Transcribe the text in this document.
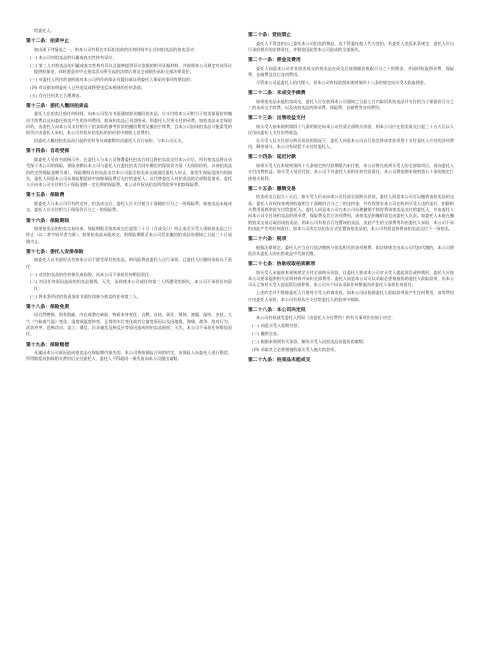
给委托人。
第十二条：拍卖中止
如出现下列情况之一，则本公司有权在实际拍卖前的任何时间中止任何拍卖品的拍卖活动：
(一) 本公司对拍卖品的归属或真实性持有异议；
(二) 第三人对拍卖品的归属或真实性持有异议且能够提供异议依据的相关证据材料，并按照本公司规定对该异议提供担保金，同时愿意对中止拍卖活动所引起的法律后果及全部损失承担全部法律责任；
(三) 对委托人所作的说明或对本公司所作的保证有疑问或证明委托人保证的事项有错误的；
(四) 有证据表明委托人已经违反或将要违反本规则的任何条款；
(五) 存在任何其它合理理由。
第十三条：委托人撤回拍卖品
委托人在拍卖日前任何时间，向本公司发出书面通知要求撤回拍卖品，应支付给本公司相当于拍卖保留价的撤回手续费以及因委托拍卖产生的各项费用，如该拍卖品已刊登图录，则委托人另须支付图录费。如拍卖品未定保留价的，由委托人向本公司支付相当于拍卖标的参考价款的撤回费用及撤回手续费，且本公司因该拍卖品可能蒙受的损失应由委托人承担，本公司有权从拍卖标的的价款中扣除上述费用。
因委托人撤回拍卖品而引起的任何争议或索赔均由委托人自行承担，与本公司无关。
第十四条：自动受保
除委托人另有书面指示外，在委托人与本公司签署委托拍卖合同且将拍卖品交付本公司后，所有拍卖品将自动受保于本公司的保险，保险金额以本公司与委托人在委托拍卖合同中确定的保留价为准（无保留价的，以该拍卖品的约定的保险金额为准）。保险期间自拍卖品交付本公司起至拍卖成交或退回委托人时止。如发生保险范围内的损失，委托人同意本公司从保险赔偿款中扣除保险费后交付给委托人，以代替委托人对拍卖品的全部赔偿请求。委托人应向本公司支付相当于保险金额一定比例的保险费，本公司有权从拍卖所得款项中扣除保险费。
第十五条：保险费
除委托人与本公司另有约定外，拍卖成交后，委托人应支付相当于落槌价百分之一的保险费。如拍卖品未能成交，委托人应支付相当于保留价百分之一的保险费。
第十六条：保险期间
如果拍卖品的拍卖交易结束，保险期限至拍卖成交后起第三十日（含成交日）终止或至买受人领取拍卖品之日终止（以二者中较早者为准）。如果拍卖品未能成交，则保险期限至本公司发出撤回拍卖品的通知之日起三十日届满为止。
第十七条：委托人安排保险
如委托人以书面形式告知本公司不愿受保其拍卖品，则风险将由委托人自行承担，且委托人应随时承担以下责任：
(一) 对其拍卖品的任何损失或损毁，而本公司不承担任何赔偿责任；
(二) 对因任何原因造成的拍卖品损毁、灭失，而致使本公司或任何第三人所遭受的损失，本公司不承担任何责任；
(三) 将本条所述的免责条款书面告知参与拍卖的任何第三人。
第十八条：保险免责
因自然磨损、固有瑕疵、内在或潜在缺陷、物质本身变化、自燃、自热、氧化、锈蚀、渗漏、鼠咬、虫蛀、大气（气候或气温）变化、湿度或温度转变、正常的水位变化或其它渐变原因以及因地震、海啸、战争、敌对行为、武装冲突、恐怖活动、罢工、暴乱、民众骚乱及核反应等原因造成的拍卖品损毁、灭失，本公司不承担任何赔偿责任。
第十九条：保险赔偿
凡属因本公司原因造成拍卖品在保险期内损失的，本公司将按保险合同的约定，由保险人向委托人进行赔偿，所得赔偿款扣除相关费用后交付委托人，委托人不得就同一损失再向本公司提出索赔。
第二十条：竞拍禁止
委托人不得竞拍自己委托本公司拍卖的物品，也不得委托他人代为竞拍。若委托人违反本条规定，委托人应自行承担相应的法律责任，并赔偿因此给本公司造成的全部损失。
第二十一条：佣金及费用
委托人同意本公司对其拍卖成交的拍卖品在成交后按落槌价收取百分之十的佣金，并同时收取图录费、保险费、仓储费及其它各项费用。
尽管本公司是委托人的代理人，但本公司有权依照本规则第四十八条的规定向买受人收取佣金。
第二十二条：未成交手续费
如果拍卖品未能拍卖成交，委托人应在收到本公司通知之日起七日内取回其拍卖品并支付相当于保留价百分之三的未成交手续费，以及该拍卖品的图录费、保险费、仓储费等各项费用。
第二十三条：出售收益支付
如买受人按本规则第四十九条的规定向本公司付清全部购买价款，则本公司应在拍卖成交日起三十五天后以人民币向委托人支付出售收益。
在买受人仅支付部分购买价款的情况下，委托人同意本公司自行决定将该等款项用于支付委托人应付的各项费用，剩余部分，本公司有权暂不支付给委托人。
第二十四条：延迟付款
如果买受人在本规则第四十九条规定的付款期限内未付款，本公司将在收到买受人的全部款项后，再向委托人支付出售收益。如买受人延迟付款，本公司不对委托人承担任何付款责任，本公司将依照本规则第五十条的规定行使相关权利。
第二十五条：撤销交易
拍卖成交日起九十天后，如买受人仍未向本公司付清全部购买价款，委托人同意本公司可以撤销该拍卖品的交易，委托人有权按本规则收取相当于落槌价百分之三的违约金，并有权要求本公司在收到买受人违约金后，扣除相关费用再将余款支付给委托人。委托人同意本公司在本公司办理撤销手续时将该拍卖品交付给委托人，并由委托人向本公司支付该拍卖品的图录费、保险费及其它各项费用，该拍卖品的撤销事宜由委托人负责。如委托人未能在撤销拍卖交易后取回该拍卖品，则本公司有权自行处置该拍卖品，由此产生的全部费用均由委托人承担，本公司不承担由此产生的任何责任。如本公司决定以拍卖方式处置该拍卖品的，本公司有权直接将该拍卖品交付下一场拍卖。
第二十六条：税项
根据法律规定，委托人应当自行依法缴纳与拍卖相关的各项税费。如法律规定由本公司代扣代缴的，本公司将依法从委托人的出售收益中代扣代缴。
第二十七条：协助收取拍卖款项
如买受人未能按本规则规定支付全部购买价款，且委托人要求本公司对买受人提起诉讼或仲裁时，委托人应按本公司要求提供相关证明材料并承担全部费用。委托人同意本公司可以采取必要措施协助委托人收取款项，但本公司无义务对买受人提起诉讼或仲裁，本公司亦不因未采取任何措施而对委托人承担任何责任。
上述约定并不排除委托人行使对买受人的请求权，如本公司因协助委托人收取款项而产生任何费用，该等费用应由委托人承担，本公司有权从应支付给委托人的款项中扣除。
第二十八条：本公司决定权
本公司有权就受委托人授权（由委托人支付费用）的有关事项作出如下决定：
(一) 同意买受人延期付款；
(二) 撤销交易；
(三) 根据本规则有关条款，解决买受人因拍卖品而提出的索赔；
(四) 采取其它必要措施收取买受人拖欠的款项。
第二十九条：拍卖品未能成交
